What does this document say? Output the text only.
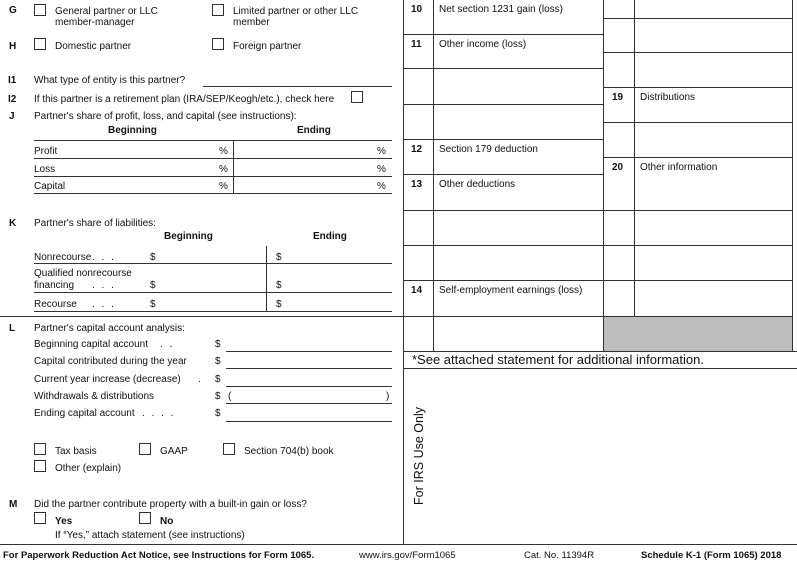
G	General partner or LLC
member-manager
Limited partner or other LLC
member
H	Domestic partner	Foreign partner
I1 What type of entity is this partner?
I2 If this partner is a retirement plan (IRA/SEP/Keogh/etc.), check here
J Partner's share of profit, loss, and capital (see instructions):
Beginning	Ending
Profit	%	%
Loss	%	%
Capital	%	%
K Partner's share of liabilities:
Beginning	Ending
Nonrecourse . . .	$	$
Qualified nonrecourse
financing . . .	$	$
Recourse . . .	$	$
L Partner's capital account analysis:
Beginning capital account . .	$
Capital contributed during the year	$
Current year increase (decrease) . $
Withdrawals & distributions	$ (	)
Ending capital account . . . .	$
Tax basis	GAAP	Section 704(b) book
Other (explain)
M Did the partner contribute property with a built-in gain or loss?
Yes	No
If “Yes,” attach statement (see instructions)
10 Net section 1231 gain (loss)
11 Other income (loss)
12 Section 179 deduction
13 Other deductions
14 Self-employment earnings (loss)
19 Distributions
20 Other information
*See attached statement for additional information.
For IRS Use Only
For Paperwork Reduction Act Notice, see Instructions for Form 1065.	www.irs.gov/Form1065	Cat. No. 11394R	Schedule K-1 (Form 1065) 2018
